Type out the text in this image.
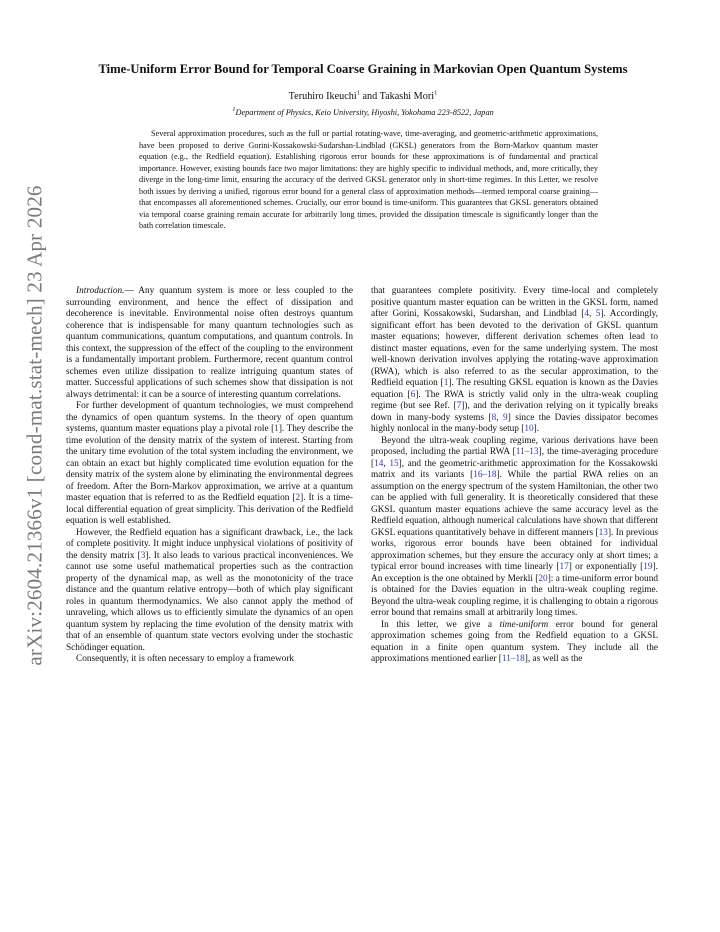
arXiv:2604.21366v1 [cond-mat.stat-mech] 23 Apr 2026
Time-Uniform Error Bound for Temporal Coarse Graining in Markovian Open Quantum Systems
Teruhiro Ikeuchi$^1$ and Takashi Mori$^1$
$^1$Department of Physics, Keio University, Hiyoshi, Yokohama 223-8522, Japan

Several approximation procedures, such as the full or partial rotating-wave, time-averaging, and geometric-arithmetic approximations, have been proposed to derive Gorini-Kossakowski-Sudarshan-Lindblad (GKSL) generators from the Born-Markov quantum master equation (e.g., the Redfield equation). Establishing rigorous error bounds for these approximations is of fundamental and practical importance. However, existing bounds face two major limitations: they are highly specific to individual methods, and, more critically, they diverge in the long-time limit, ensuring the accuracy of the derived GKSL generator only in short-time regimes. In this Letter, we resolve both issues by deriving a unified, rigorous error bound for a general class of approximation methods—termed temporal coarse graining—that encompasses all aforementioned schemes. Crucially, our error bound is time-uniform. This guarantees that GKSL generators obtained via temporal coarse graining remain accurate for arbitrarily long times, provided the dissipation timescale is significantly longer than the bath correlation timescale.

Introduction.— Any quantum system is more or less coupled to the surrounding environment, and hence the effect of dissipation and decoherence is inevitable. Environmental noise often destroys quantum coherence that is indispensable for many quantum technologies such as quantum communications, quantum computations, and quantum controls. In this context, the suppression of the effect of the coupling to the environment is a fundamentally important problem. Furthermore, recent quantum control schemes even utilize dissipation to realize intriguing quantum states of matter. Successful applications of such schemes show that dissipation is not always detrimental: it can be a source of interesting quantum correlations.

For further development of quantum technologies, we must comprehend the dynamics of open quantum systems. In the theory of open quantum systems, quantum master equations play a pivotal role [1]. They describe the time evolution of the density matrix of the system of interest. Starting from the unitary time evolution of the total system including the environment, we can obtain an exact but highly complicated time evolution equation for the density matrix of the system alone by eliminating the environmental degrees of freedom. After the Born-Markov approximation, we arrive at a quantum master equation that is referred to as the Redfield equation [2]. It is a time-local differential equation of great simplicity. This derivation of the Redfield equation is well established.

However, the Redfield equation has a significant drawback, i.e., the lack of complete positivity. It might induce unphysical violations of positivity of the density matrix [3]. It also leads to various practical inconveniences. We cannot use some useful mathematical properties such as the contraction property of the dynamical map, as well as the monotonicity of the trace distance and the quantum relative entropy—both of which play significant roles in quantum thermodynamics. We also cannot apply the method of unraveling, which allows us to efficiently simulate the dynamics of an open quantum system by replacing the time evolution of the density matrix with that of an ensemble of quantum state vectors evolving under the stochastic Schödinger equation.

Consequently, it is often necessary to employ a framework

that guarantees complete positivity. Every time-local and completely positive quantum master equation can be written in the GKSL form, named after Gorini, Kossakowski, Sudarshan, and Lindblad [4, 5]. Accordingly, significant effort has been devoted to the derivation of GKSL quantum master equations; however, different derivation schemes often lead to distinct master equations, even for the same underlying system. The most well-known derivation involves applying the rotating-wave approximation (RWA), which is also referred to as the secular approximation, to the Redfield equation [1]. The resulting GKSL equation is known as the Davies equation [6]. The RWA is strictly valid only in the ultra-weak coupling regime (but see Ref. [7]), and the derivation relying on it typically breaks down in many-body systems [8, 9] since the Davies dissipator becomes highly nonlocal in the many-body setup [10].

Beyond the ultra-weak coupling regime, various derivations have been proposed, including the partial RWA [11–13], the time-averaging procedure [14, 15], and the geometric-arithmetic approximation for the Kossakowski matrix and its variants [16–18]. While the partial RWA relies on an assumption on the energy spectrum of the system Hamiltonian, the other two can be applied with full generality. It is theoretically considered that these GKSL quantum master equations achieve the same accuracy level as the Redfield equation, although numerical calculations have shown that different GKSL equations quantitatively behave in different manners [13]. In previous works, rigorous error bounds have been obtained for individual approximation schemes, but they ensure the accuracy only at short times; a typical error bound increases with time linearly [17] or exponentially [19]. An exception is the one obtained by Merkli [20]: a time-uniform error bound is obtained for the Davies equation in the ultra-weak coupling regime. Beyond the ultra-weak coupling regime, it is challenging to obtain a rigorous error bound that remains small at arbitrarily long times.

In this letter, we give a time-uniform error bound for general approximation schemes going from the Redfield equation to a GKSL equation in a finite open quantum system. They include all the approximations mentioned earlier [11–18], as well as the
